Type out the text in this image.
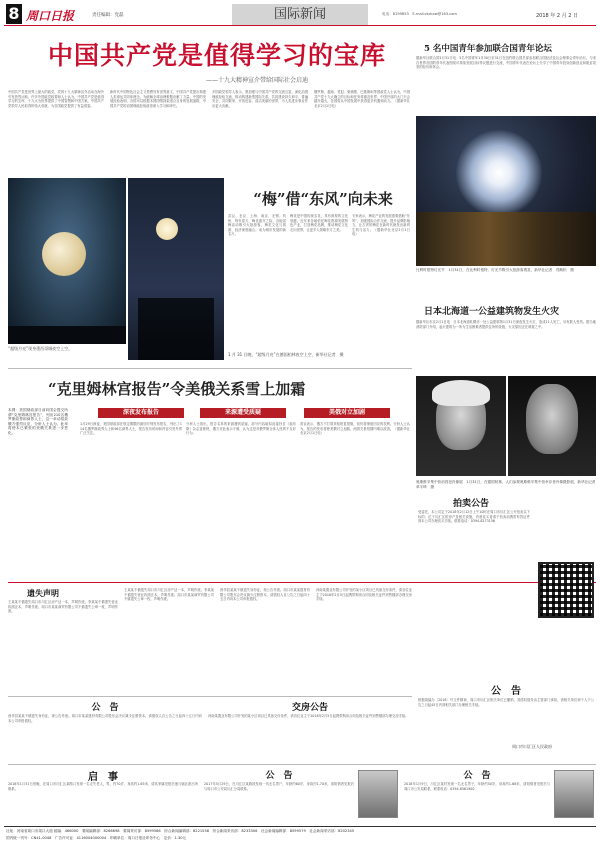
8 周口日报	责任编辑：党磊	国际新闻	电话：8199853　E-mail:zkrbxw@163.com	2018 年 2 月 2 日
中国共产党是值得学习的宝库
——十九大精神宣介带给国际社会启迪
中国共产党是世界上最大的政党，党的十九大精神宣介活动在海外引发热烈反响，许多外国政党政要和人士认为，中国共产党是值得学习的宝库，十九大为世界提供了中国智慧和中国方案。中国共产党领导人民取得的伟大成就，为各国政党提供了有益借鉴。
新时代中国特色社会主义思想具有世界意义，中国共产党提出构建人类命运共同体理念，为破解全球治理难题贡献了力量。中国的发展经验表明，各国可以根据本国国情探索适合自身的发展道路，中国共产党的治国理政经验值得深入学习和研究。
多国政党领导人表示，愿加强与中国共产党的交流互鉴，深化治国理政经验交流，推动构建新型国际关系，共同建设持久和平、普遍安全、共同繁荣、开放包容、清洁美丽的世界，为人类进步事业作出更大贡献。
俄罗斯、越南、老挝、柬埔寨、巴基斯坦等国政党人士认为，中国共产党十九大确立的目标和任务将惠及世界，中国开放的大门只会越开越大，各国将从中国发展中获得更多机遇和动力。（据新华社北京2月1日电）
“超级月亮”现身墨西哥城夜空上空。
1 月 31 日晚，“超级月亮”在德国柏林夜空上空，新华社记者　摄
“梅”借“东风”向未来
武汉、北京、上海、南京、无锡、杭州，每年春天，梅花盛开之际，各地赏梅活动吸引大批游客，梅花文化与旅游、经济深度融合，成为城市发展的新名片。
梅花是中国传统名花，具有深厚的文化底蕴，近年来各地依托梅花资源发展特色产业，打造梅花品牌，推动梅花文化走向世界，让更多人领略东方之美。
专家表示，梅花产业的发展需要借助“东风”，加强国际合作交流，提升品牌影响力，让古老的梅花在新时代焕发出新的生机与活力。（据新华社北京2月1日电）
“克里姆林宫报告”令美俄关系雪上加霜
本网：美国财政部日前向国会提交所谓“克里姆林宫报告”，列出210名俄罗斯政界和商界人士，这一举动招致俄方强烈反应，分析人士认为，此举将使本已紧张的美俄关系进一步恶化。
深夜发布报告	来源遭受质疑	美俄对立加剧
1月29日深夜，美国财政部在规定期限的最后时刻发布报告，列出了114名俄罗斯政界人士和96名商界人士，报告发布时间和内容引发外界广泛关注。
分析人士指出，报告名单的来源遭到质疑，部分内容疑似直接抄自《福布斯》杂志富豪榜，俄方对此表示不屑，认为这是对俄罗斯全体人民的不友好行为。
普京表示，俄方不打算采取报复措施，但仍将保留回应的权利。分析人士认为，报告的发布将使美俄对立加剧，两国关系短期内难以改善。（据新华社北京2月1日电）
5 名中国青年参加联合国青年论坛
据新华社联合国1月31日电　5名中国青年1月30日至31日在纽约联合国总部参加联合国经济及社会理事会青年论坛，与来自世界各国的青年代表围绕可持续发展目标等议题进行交流，中国青年代表在论坛上分享了中国青年投身创新创业和脱贫攻坚的经历和体会。
比利时根特灯光节　1月31日，在比利时根特，灯光节吸引大批游客观赏，新华社记者　郑焕松　摄
日本北海道一公益建筑物发生火灾
据新华社东京2月1日电　日本北海道札幌市一处公益建筑物1月31日深夜发生火灾，造成11人死亡，另有数人受伤。据当地消防部门介绍，起火建筑为一所为生活困难者提供住所的设施，火灾原因正在调查之中。
奥斯维辛集中营前囚犯肖像展　1月31日，在德国柏林，人们参观奥斯维辛集中营幸存者肖像摄影展，新华社记者　单宇琦　摄
拍卖公告
受委托，本公司定于2018年2月12日上午10时在周口市川汇区公开拍卖以下标的：位于川汇区的房产及相关设施，有意竞买者请于拍卖前携带有效证件到本公司办理竞买手续。联系电话：0394-8273156
公　告
根据周编办〔2018〕号文件精神，周口市川汇区相关单位已撤销，其债权债务由主管部门承担，请相关单位和个人于公告之日起45日内到相关部门办理相关手续。
周口市川汇区人民政府
遗失声明
王某某不慎遗失周口市川汇区房产证一本，声明作废。李某某不慎遗失营业执照正本，声明作废。周口市某某商贸有限公司不慎遗失公章一枚，声明作废。
王某某不慎遗失周口市川汇区房产证一本，声明作废。李某某不慎遗失营业执照正本，声明作废。周口市某某商贸有限公司不慎遗失公章一枚，声明作废。
西华县某某不慎遗失身份证，现公告作废。周口市某某建材有限公司股东会决议减少注册资本，请债权人自公告之日起四十五日内向本公司申报债权。
河南某置业有限公司开发的某小区项目已具备交付条件，请各位业主于2018年2月5日起携带购房合同及相关证件到售楼部办理交房手续。
公　告
西华县某某不慎遗失身份证，现公告作废。周口市某某建材有限公司股东会决议减少注册资本，请债权人自公告之日起四十五日内向本公司申报债权。
交房公告
河南某置业有限公司开发的某小区项目已具备交付条件，请各位业主于2018年2月5日起携带购房合同及相关证件到售楼部办理交房手续。
启　事
2018年1月31日傍晚，在周口市川汇区某路口发现一名走失老人，男，约70岁，身高约1.65米，请其家属见报后速与辖区派出所联系。
公　告
2017年5月29日，在川汇区某路段发现一具无名男尸，年龄约60岁，身高约1.70米，请知情者见报后与周口市公安局川汇分局联系。
公　告
2018年1月9日，川汇区某村发现一名无名男子，年龄约50岁，身高约1.68米，请知情者见报后与周口市公安局联系，联系电话：0394-8561900
社址：河南省周口市周口大道 邮编：466000　要闻编辑部：8266698　要闻采访部：8599586　综合新闻编辑部：8221558　综合新闻采访部：8233306　社会新闻编辑部：8599579　社会新闻采访部：8202345
国内统一刊号：CN41-0048　广告许可证：4116004000004　印刷单位：周口日报社印务中心　定价：1.30元
